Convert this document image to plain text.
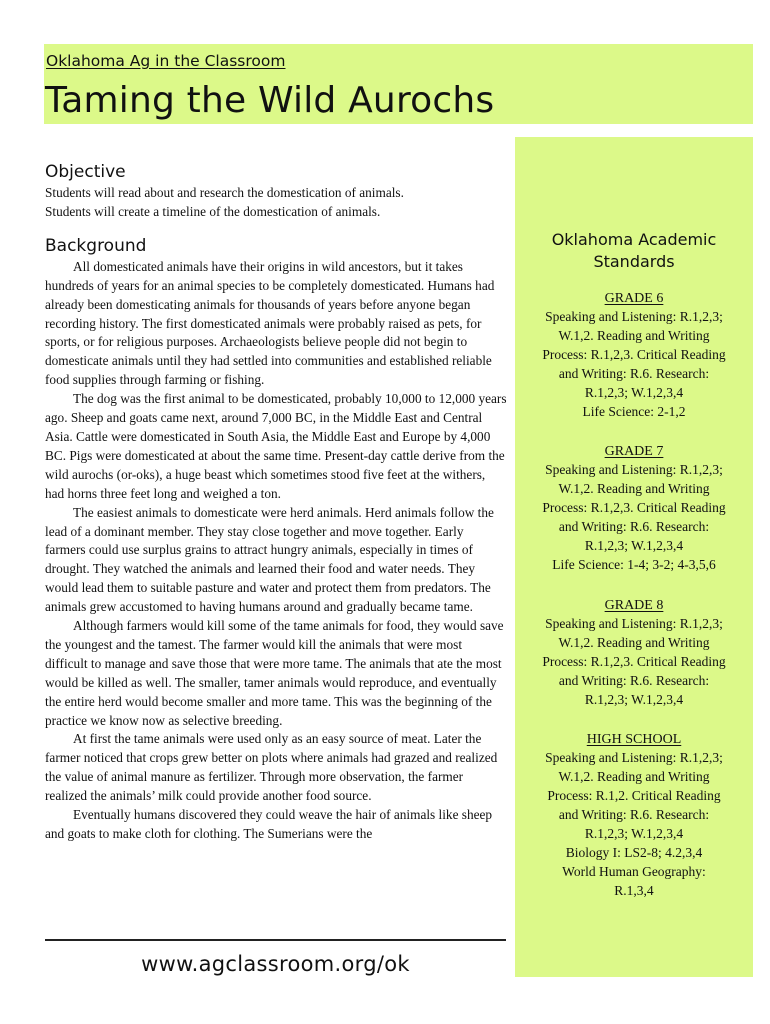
Oklahoma Ag in the Classroom
Taming the Wild Aurochs
Objective

Students will read about and research the domestication of animals.

Students will create a timeline of the domestication of animals.

Background

All domesticated animals have their origins in wild ancestors, but it takes hundreds of years for an animal species to be completely domesticated. Humans had already been domesticating animals for thousands of years before anyone began recording history. The first domesticated animals were probably raised as pets, for sports, or for religious purposes. Archaeologists believe people did not begin to domesticate animals until they had settled into communities and established reliable food supplies through farming or fishing.

The dog was the first animal to be domesticated, probably 10,000 to 12,000 years ago. Sheep and goats came next, around 7,000 BC, in the Middle East and Central Asia. Cattle were domesticated in South Asia, the Middle East and Europe by 4,000 BC. Pigs were domesticated at about the same time. Present-day cattle derive from the wild aurochs (or-oks), a huge beast which sometimes stood five feet at the withers, had horns three feet long and weighed a ton.

The easiest animals to domesticate were herd animals. Herd animals follow the lead of a dominant member. They stay close together and move together. Early farmers could use surplus grains to attract hungry animals, especially in times of drought. They watched the animals and learned their food and water needs. They would lead them to suitable pasture and water and protect them from predators. The animals grew accustomed to having humans around and gradually became tame.

Although farmers would kill some of the tame animals for food, they would save the youngest and the tamest. The farmer would kill the animals that were most difficult to manage and save those that were more tame. The animals that ate the most would be killed as well. The smaller, tamer animals would reproduce, and eventually the entire herd would become smaller and more tame. This was the beginning of the practice we know now as selective breeding.

At first the tame animals were used only as an easy source of meat. Later the farmer noticed that crops grew better on plots where animals had grazed and realized the value of animal manure as fertilizer. Through more observation, the farmer realized the animals’ milk could provide another food source.

Eventually humans discovered they could weave the hair of animals like sheep and goats to make cloth for clothing. The Sumerians were the

Oklahoma Academic Standards
GRADE 6
Speaking and Listening: R.1,2,3;
W.1,2. Reading and Writing
Process: R.1,2,3. Critical Reading
and Writing: R.6. Research:
R.1,2,3; W.1,2,3,4
Life Science: 2-1,2
GRADE 7
Speaking and Listening: R.1,2,3;
W.1,2. Reading and Writing
Process: R.1,2,3. Critical Reading
and Writing: R.6. Research:
R.1,2,3; W.1,2,3,4
Life Science: 1-4; 3-2; 4-3,5,6
GRADE 8
Speaking and Listening: R.1,2,3;
W.1,2. Reading and Writing
Process: R.1,2,3. Critical Reading
and Writing: R.6. Research:
R.1,2,3; W.1,2,3,4
HIGH SCHOOL
Speaking and Listening: R.1,2,3;
W.1,2. Reading and Writing
Process: R.1,2. Critical Reading
and Writing: R.6. Research:
R.1,2,3; W.1,2,3,4
Biology I: LS2-8; 4.2,3,4
World Human Geography:
R.1,3,4
www.agclassroom.org/ok
